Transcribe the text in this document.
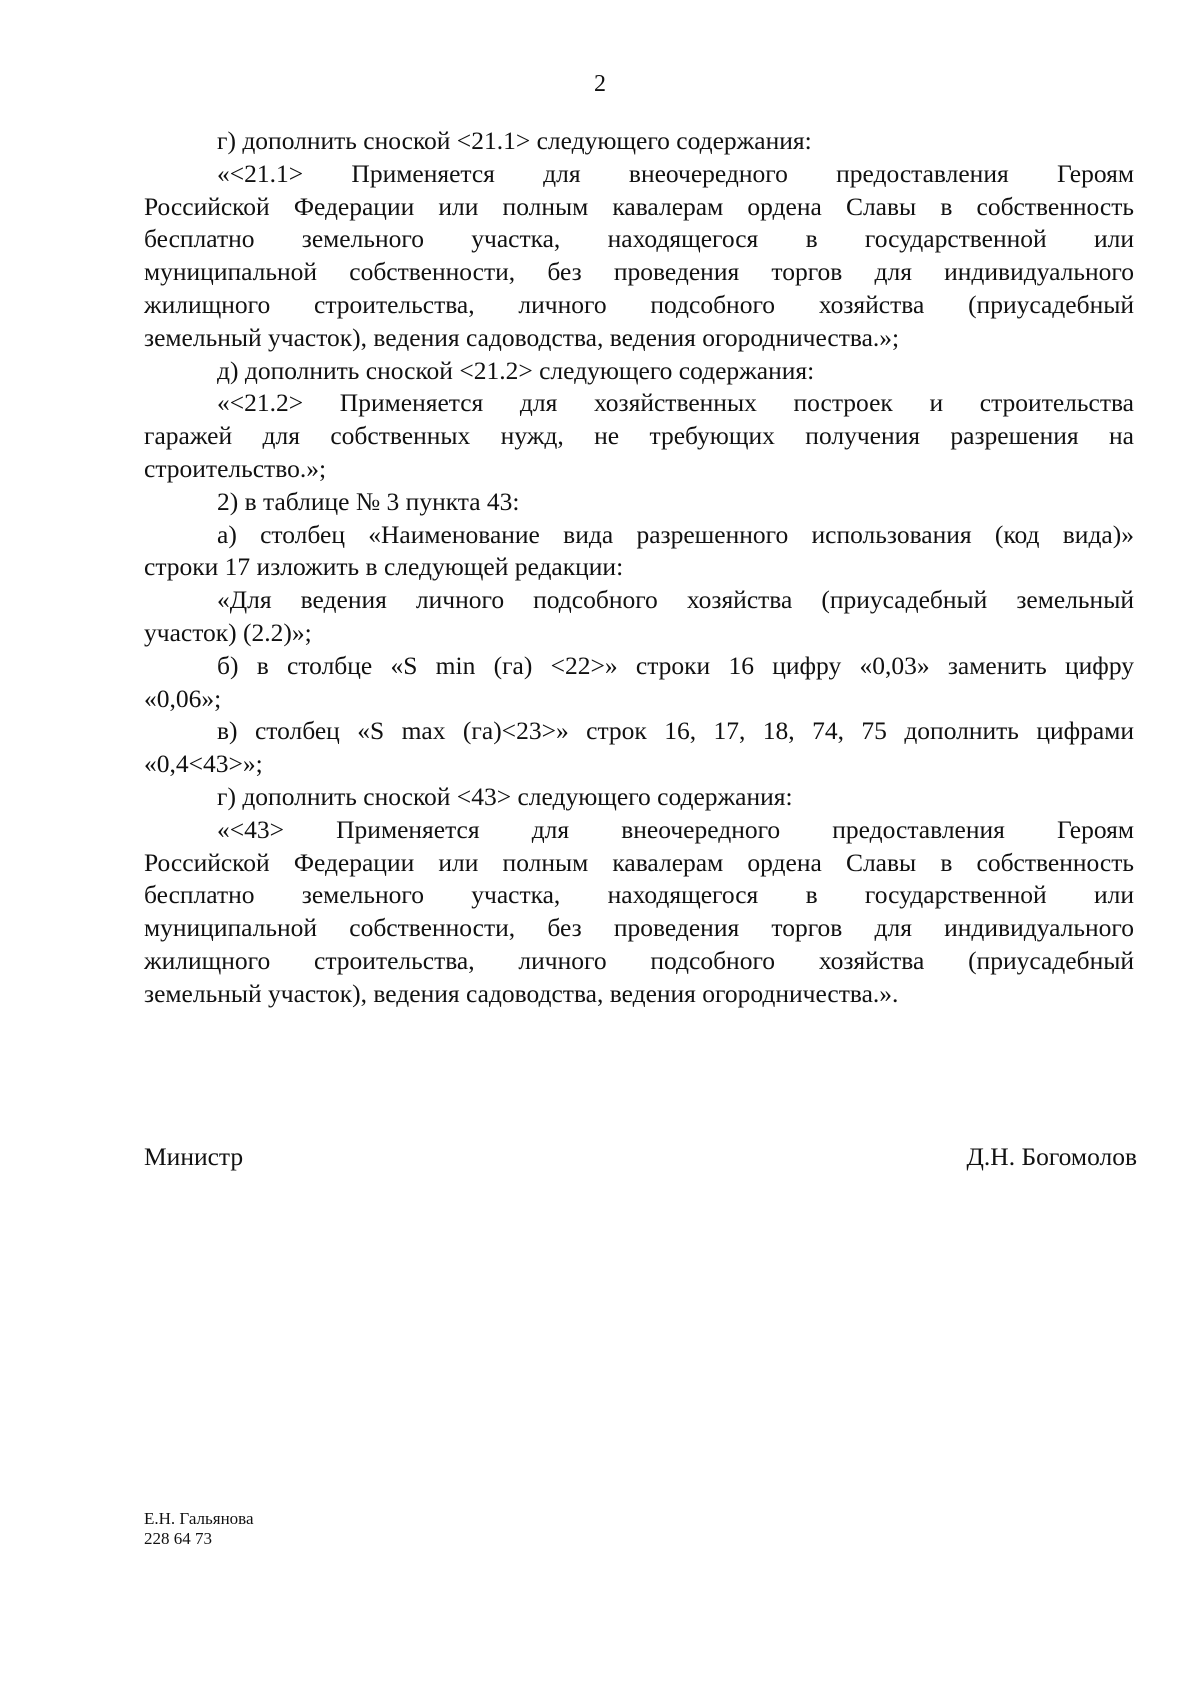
2
г) дополнить сноской <21.1> следующего содержания:
«<21.1> Применяется для внеочередного предоставления Героям
Российской Федерации или полным кавалерам ордена Славы в собственность
бесплатно земельного участка, находящегося в государственной или
муниципальной собственности, без проведения торгов для индивидуального
жилищного строительства, личного подсобного хозяйства (приусадебный
земельный участок), ведения садоводства, ведения огородничества.»;
д) дополнить сноской <21.2> следующего содержания:
«<21.2> Применяется для хозяйственных построек и строительства
гаражей для собственных нужд, не требующих получения разрешения на
строительство.»;
2) в таблице № 3 пункта 43:
а) столбец «Наименование вида разрешенного использования (код вида)»
строки 17 изложить в следующей редакции:
«Для ведения личного подсобного хозяйства (приусадебный земельный
участок) (2.2)»;
б) в столбце «S min (га) <22>» строки 16 цифру «0,03» заменить цифру
«0,06»;
в) столбец «S max (га)<23>» строк 16, 17, 18, 74, 75 дополнить цифрами
«0,4<43>»;
г) дополнить сноской <43> следующего содержания:
«<43> Применяется для внеочередного предоставления Героям
Российской Федерации или полным кавалерам ордена Славы в собственность
бесплатно земельного участка, находящегося в государственной или
муниципальной собственности, без проведения торгов для индивидуального
жилищного строительства, личного подсобного хозяйства (приусадебный
земельный участок), ведения садоводства, ведения огородничества.».
Министр	Д.Н. Богомолов
Е.Н. Гальянова
228 64 73
